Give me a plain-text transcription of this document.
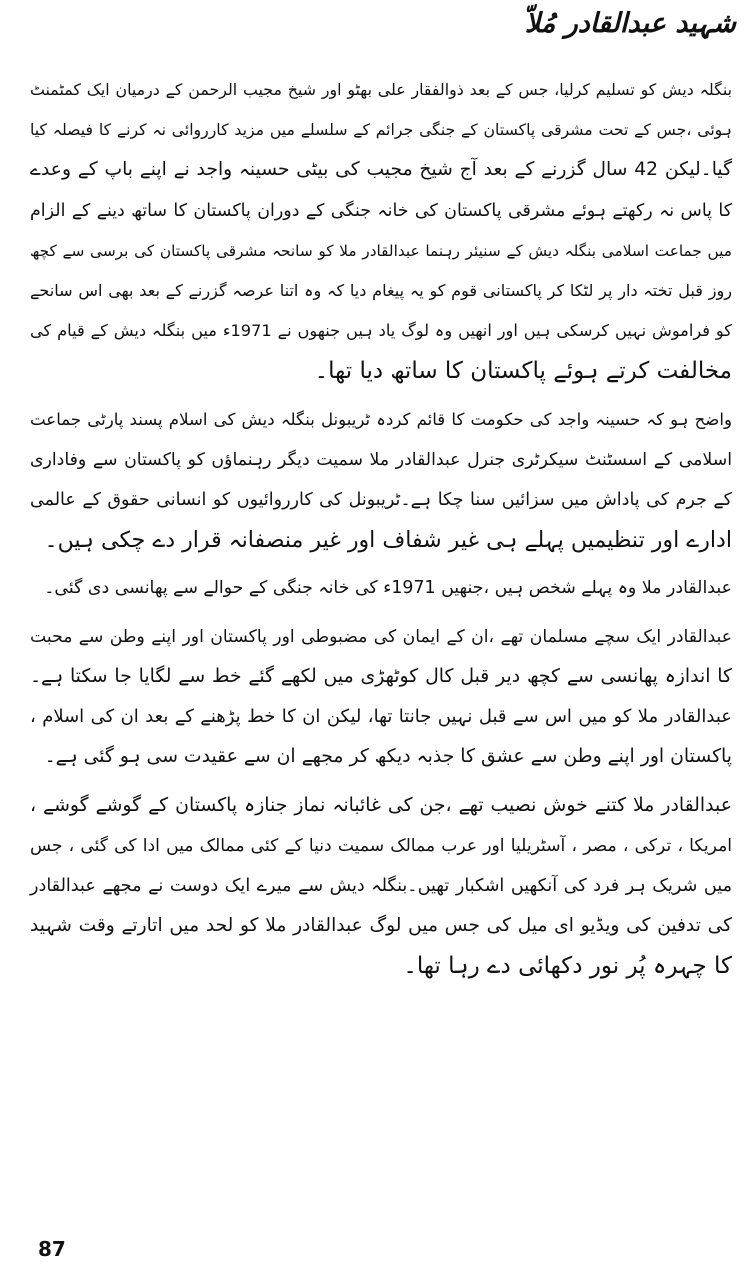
شہید عبدالقادر مُلاّ
بنگلہ دیش کو تسلیم کرلیا، جس کے بعد ذوالفقار علی بھٹو اور شیخ مجیب الرحمن کے درمیان ایک کمٹمنٹ
ہوئی ،جس کے تحت مشرقی پاکستان کے جنگی جرائم کے سلسلے میں مزید کارروائی نہ کرنے کا فیصلہ کیا
گیا۔لیکن 42 سال گزرنے کے بعد آج شیخ مجیب کی بیٹی حسینہ واجد نے اپنے باپ کے وعدے
کا پاس نہ رکھتے ہوئے مشرقی پاکستان کی خانہ جنگی کے دوران پاکستان کا ساتھ دینے کے الزام
میں جماعت اسلامی بنگلہ دیش کے سنیئر رہنما عبدالقادر ملا کو سانحہ مشرقی پاکستان کی برسی سے کچھ
روز قبل تختہ دار پر لٹکا کر پاکستانی قوم کو یہ پیغام دیا کہ وہ اتنا عرصہ گزرنے کے بعد بھی اس سانحے
کو فراموش نہیں کرسکی ہیں اور انھیں وہ لوگ یاد ہیں جنھوں نے 1971ء میں بنگلہ دیش کے قیام کی
مخالفت کرتے ہوئے پاکستان کا ساتھ دیا تھا۔
واضح ہو کہ حسینہ واجد کی حکومت کا قائم کردہ ٹریبونل بنگلہ دیش کی اسلام پسند پارٹی جماعت
اسلامی کے اسسٹنٹ سیکرٹری جنرل عبدالقادر ملا سمیت دیگر رہنماؤں کو پاکستان سے وفاداری
کے جرم کی پاداش میں سزائیں سنا چکا ہے۔ٹریبونل کی کارروائیوں کو انسانی حقوق کے عالمی
ادارے اور تنظیمیں پہلے ہی غیر شفاف اور غیر منصفانہ قرار دے چکی ہیں۔
عبدالقادر ملا وہ پہلے شخص ہیں ،جنھیں 1971ء کی خانہ جنگی کے حوالے سے پھانسی دی گئی۔
عبدالقادر ایک سچے مسلمان تھے ،ان کے ایمان کی مضبوطی اور پاکستان اور اپنے وطن سے محبت
کا اندازہ پھانسی سے کچھ دیر قبل کال کوٹھڑی میں لکھے گئے خط سے لگایا جا سکتا ہے۔
عبدالقادر ملا کو میں اس سے قبل نہیں جانتا تھا، لیکن ان کا خط پڑھنے کے بعد ان کی اسلام ،
پاکستان اور اپنے وطن سے عشق کا جذبہ دیکھ کر مجھے ان سے عقیدت سی ہو گئی ہے۔
عبدالقادر ملا کتنے خوش نصیب تھے ،جن کی غائبانہ نماز جنازہ پاکستان کے گوشے گوشے ،
امریکا ، ترکی ، مصر ، آسٹریلیا اور عرب ممالک سمیت دنیا کے کئی ممالک میں ادا کی گئی ، جس
میں شریک ہر فرد کی آنکھیں اشکبار تھیں۔بنگلہ دیش سے میرے ایک دوست نے مجھے عبدالقادر
کی تدفین کی ویڈیو ای میل کی جس میں لوگ عبدالقادر ملا کو لحد میں اتارتے وقت شہید
کا چہرہ پُر نور دکھائی دے رہا تھا۔
87
